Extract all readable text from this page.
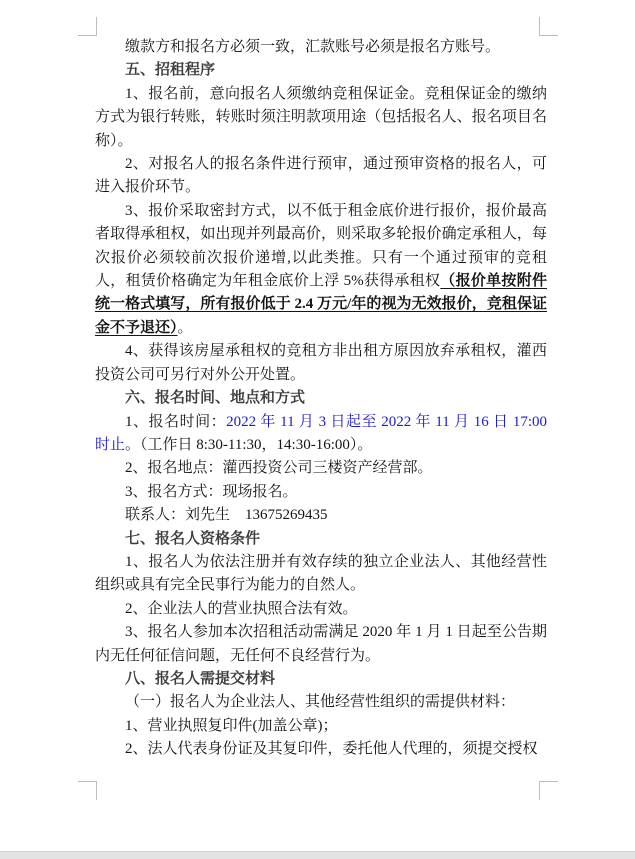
缴款方和报名方必须一致，汇款账号必须是报名方账号。

五、招租程序

1、报名前，意向报名人须缴纳竞租保证金。竞租保证金的缴纳方式为银行转账，转账时须注明款项用途（包括报名人、报名项目名称）。

2、对报名人的报名条件进行预审，通过预审资格的报名人，可进入报价环节。

3、报价采取密封方式，以不低于租金底价进行报价，报价最高者取得承租权，如出现并列最高价，则采取多轮报价确定承租人，每次报价必须较前次报价递增,以此类推。只有一个通过预审的竞租人，租赁价格确定为年租金底价上浮 5%获得承租权（报价单按附件统一格式填写，所有报价低于 2.4 万元/年的视为无效报价，竞租保证金不予退还）。

4、获得该房屋承租权的竞租方非出租方原因放弃承租权，灌西投资公司可另行对外公开处置。

六、报名时间、地点和方式

1、报名时间：2022 年 11 月 3 日起至 2022 年 11 月 16 日 17:00 时止。（工作日 8:30-11:30，14:30-16:00）。

2、报名地点：灌西投资公司三楼资产经营部。

3、报名方式：现场报名。

联系人：刘先生　13675269435

七、报名人资格条件

1、报名人为依法注册并有效存续的独立企业法人、其他经营性组织或具有完全民事行为能力的自然人。

2、企业法人的营业执照合法有效。

3、报名人参加本次招租活动需满足 2020 年 1 月 1 日起至公告期内无任何征信问题，无任何不良经营行为。

八、报名人需提交材料

（一）报名人为企业法人、其他经营性组织的需提供材料：

1、营业执照复印件(加盖公章)；

2、法人代表身份证及其复印件，委托他人代理的，须提交授权
